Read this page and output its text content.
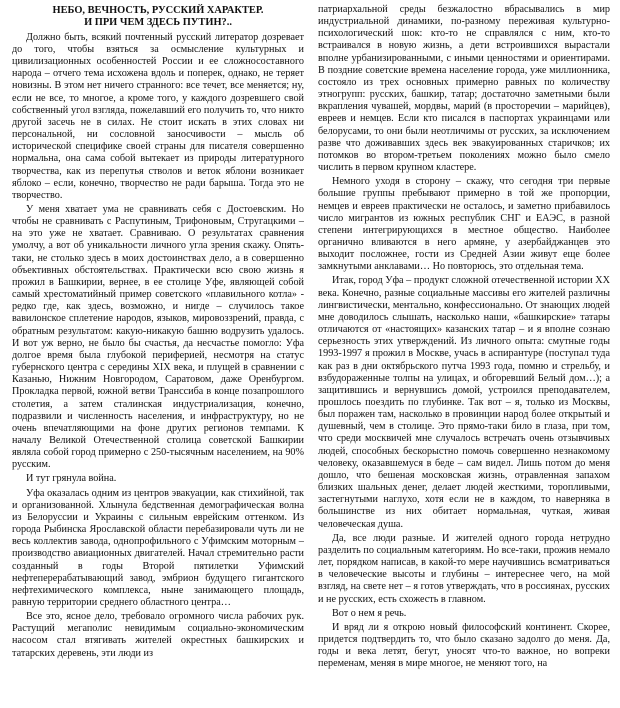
НЕБО, ВЕЧНОСТЬ, РУССКИЙ ХАРАКТЕР.
И ПРИ ЧЕМ ЗДЕСЬ ПУТИН?..

Должно быть, всякий почтенный русский литератор дозревает до того, чтобы взяться за осмысление культурных и цивилизационных особенностей России и ее сложносоставного народа – отчего тема исхожена вдоль и поперек, однако, не теряет новизны. В этом нет ничего странного: все течет, все меняется; ну, если не все, то многое, а кроме того, у каждого дозревшего свой собственный угол взгляда, пожелавший его получить то, что никто другой засечь не в силах. Не стоит искать в этих словах ни персональной, ни сословной заносчивости – мысль об исторической специфике своей страны для писателя совершенно нормальна, она сама собой вытекает из природы литературного творчества, как из перепутья стволов и веток яблони возникает яблоко – если, конечно, творчество не ради барыша. Тогда это не творчество.

У меня хватает ума не сравнивать себя с Достоевским. Но чтобы не сравнивать с Распутиным, Трифоновым, Стругацкими – на это уже не хватает. Сравниваю. О результатах сравнения умолчу, а вот об уникальности личного угла зрения скажу. Опять-таки, не столько здесь в моих достоинствах дело, а в совершенно объективных обстоятельствах. Практически всю свою жизнь я прожил в Башкирии, вернее, в ее столице Уфе, являющей собой самый хрестоматийный пример советского «плавильного котла» - редко где, как здесь, возможно, и нигде – случилось такое вавилонское сплетение народов, языков, мировоззрений, правда, с обратным результатом: какую-никакую башню водрузить удалось. И вот уж верно, не было бы счастья, да несчастье помогло: Уфа долгое время была глубокой периферией, несмотря на статус губернского центра с середины XIX века, и плущей в сравнении с Казанью, Нижним Новгородом, Саратовом, даже Оренбургом. Прокладка первой, южной ветви Транссиба в конце позапрошлого столетия, а затем сталинская индустриализация, конечно, подразвили и численность населения, и инфраструктуру, но не очень впечатляющими на фоне других регионов темпами. К началу Великой Отечественной столица советской Башкирии являла собой город примерно с 250-тысячным населением, на 90% русским.

И тут грянула война.

Уфа оказалась одним из центров эвакуации, как стихийной, так и организованной. Хлынула бедственная демографическая волна из Белоруссии и Украины с сильным еврейским оттенком. Из города Рыбинска Ярославской области перебазировали чуть ли не весь коллектив завода, однопрофильного с Уфимским моторным – производство авиационных двигателей. Начал стремительно расти созданный в годы Второй пятилетки Уфимский нефтеперерабатывающий завод, эмбрион будущего гигантского нефтехимического комплекса, ныне занимающего площадь, равную территории среднего областного центра…

Все это, ясное дело, требовало огромного числа рабочих рук. Растущий мегаполис невидимым социально-экономическим насосом стал втягивать жителей окрестных башкирских и татарских деревень, эти люди из

патриархальной среды безжалостно вбрасывались в мир индустриальной динамики, по-разному переживая культурно-психологический шок: кто-то не справлялся с ним, кто-то встраивался в новую жизнь, а дети встроившихся вырастали вполне урбанизированными, с иными ценностями и ориентирами. В поздние советские времена население города, уже миллионника, состояло из трех основных примерно равных по количеству этногрупп: русских, башкир, татар; достаточно заметными были вкрапления чувашей, мордвы, марий (в просторечии – марийцев), евреев и немцев. Если кто писался в паспортах украинцами или белорусами, то они были неотличимы от русских, за исключением разве что доживавших здесь век эвакуированных старичков; их потомков во втором-третьем поколениях можно было смело числить в первом крупном кластере.

Немного уходя в сторону – скажу, что сегодня три первые большие группы пребывают примерно в той же пропорции, немцев и евреев практически не осталось, и заметно прибавилось число мигрантов из южных республик СНГ и ЕАЭС, в разной степени интегрирующихся в местное общество. Наиболее органично вливаются в него армяне, у азербайджанцев это выходит посложнее, гости из Средней Азии живут еще более замкнутыми анклавами… Но повторюсь, это отдельная тема.

Итак, город Уфа – продукт сложной отечественной истории XX века. Конечно, разные социальные массивы его жителей различны лингвистически, ментально, конфессионально. От знающих людей мне доводилось слышать, насколько наши, «башкирские» татары отличаются от «настоящих» казанских татар – и я вполне сознаю серьезность этих утверждений. Из личного опыта: смутные годы 1993-1997 я прожил в Москве, учась в аспирантуре (поступал туда как раз в дни октябрьского путча 1993 года, помню и стрельбу, и взбудораженные толпы на улицах, и обгоревший Белый дом…); а защитившись и вернувшись домой, устроился преподавателем, прошлось поездить по глубинке. Так вот – я, только из Москвы, был поражен там, насколько в провинции народ более открытый и душевный, чем в столице. Это прямо-таки било в глаза, при том, что среди москвичей мне случалось встречать очень отзывчивых людей, способных бескорыстно помочь совершенно незнакомому человеку, оказавшемуся в беде – сам видел. Лишь потом до меня дошло, что бешеная московская жизнь, отравленная запахом близких шальных денег, делает людей жесткими, торопливыми, застегнутыми наглухо, хотя если не в каждом, то наверняка в большинстве из них обитает нормальная, чуткая, живая человеческая душа.

Да, все люди разные. И жителей одного города нетрудно разделить по социальным категориям. Но все-таки, прожив немало лет, порядком написав, в какой-то мере научившись всматриваться в человеческие высоты и глубины – интереснее чего, на мой взгляд, на свете нет – я готов утверждать, что в россиянах, русских и не русских, есть схожесть в главном.

Вот о нем я речь.

И вряд ли я открою новый философский континент. Скорее, придется подтвердить то, что было сказано задолго до меня. Да, годы и века летят, бегут, уносят что-то важное, но вопреки переменам, меняя в мире многое, не меняют того, на
